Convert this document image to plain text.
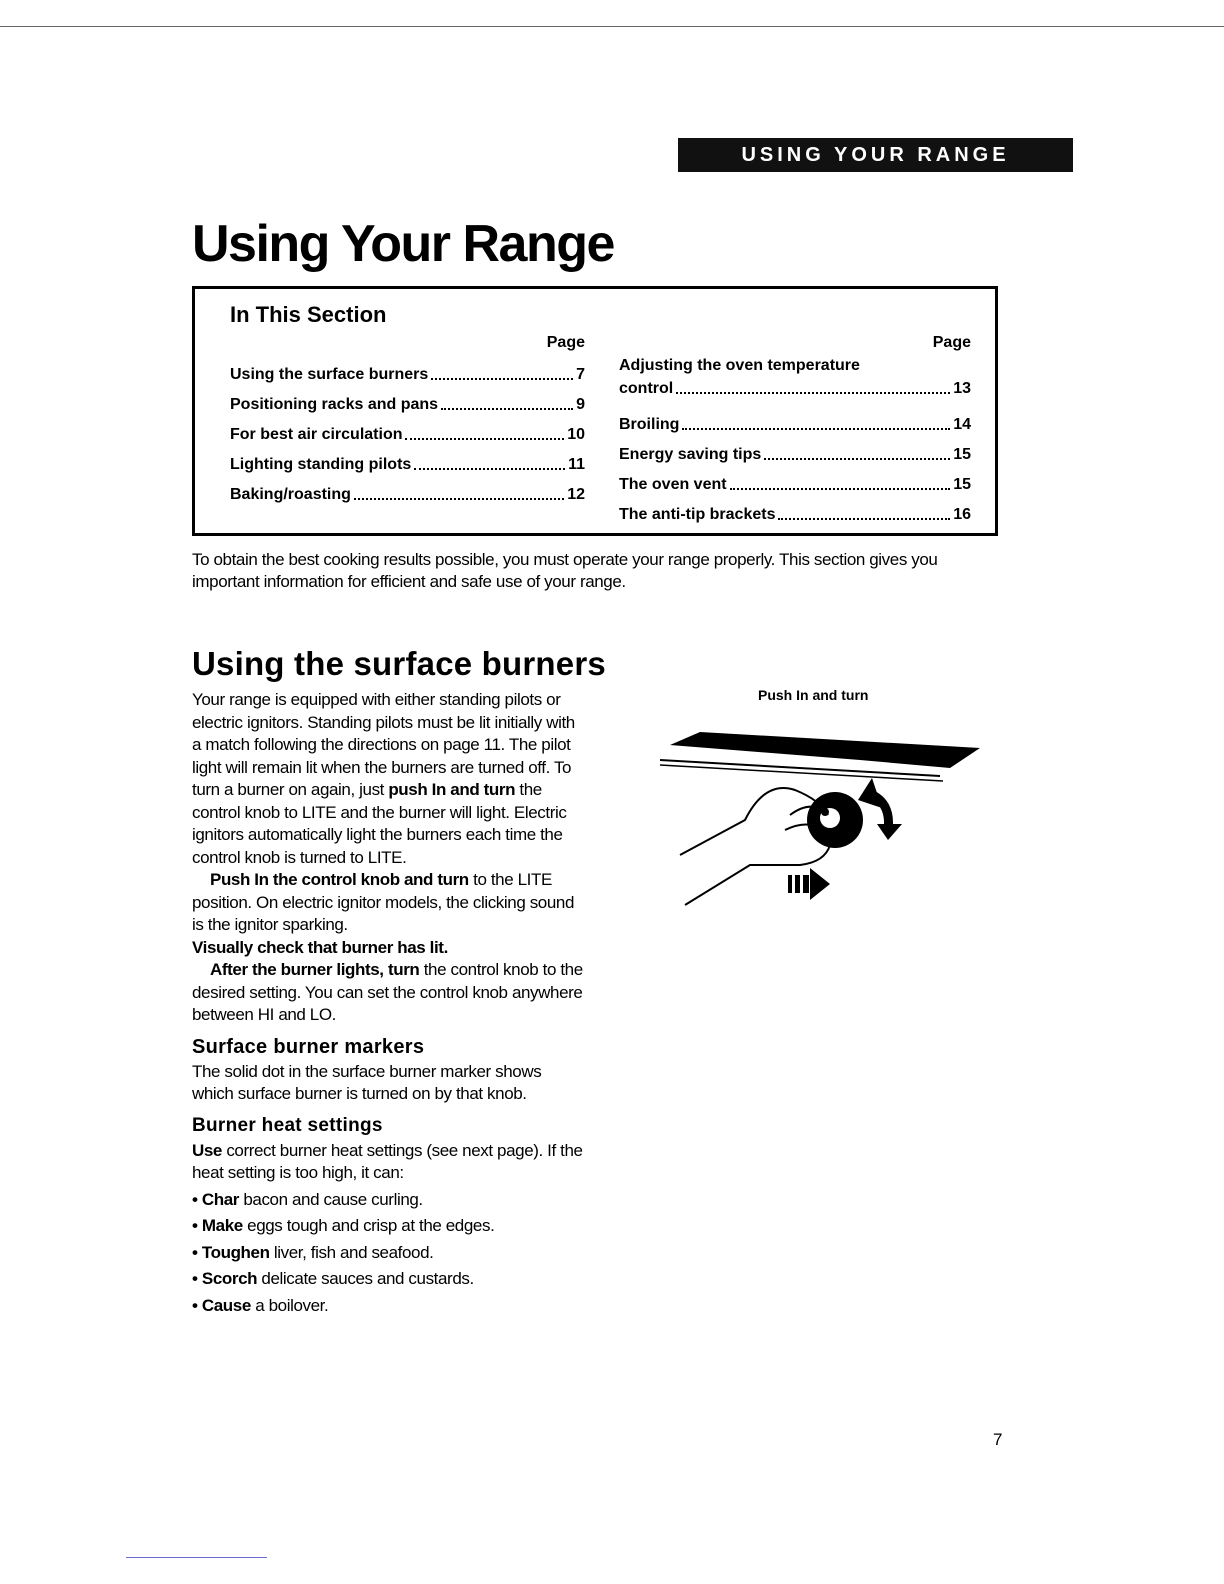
USING YOUR RANGE
Using Your Range
In This Section
Page
Using the surface burners	7
Positioning racks and pans	9
For best air circulation	10
Lighting standing pilots	11
Baking/roasting	12
Page
Adjusting the oven temperature
control	13
Broiling	14
Energy saving tips	15
The oven vent	15
The anti-tip brackets	16

To obtain the best cooking results possible, you must operate your range properly. This section gives you important information for efficient and safe use of your range.

Using the surface burners

Your range is equipped with either standing pilots or electric ignitors. Standing pilots must be lit initially with a match following the directions on page 11. The pilot light will remain lit when the burners are turned off. To turn a burner on again, just push In and turn the control knob to LITE and the burner will light. Electric ignitors automatically light the burners each time the control knob is turned to LITE.

Push In the control knob and turn to the LITE position. On electric ignitor models, the clicking sound is the ignitor sparking.

Visually check that burner has lit.

After the burner lights, turn the control knob to the desired setting. You can set the control knob anywhere between HI and LO.

Surface burner markers

The solid dot in the surface burner marker shows which surface burner is turned on by that knob.

Burner heat settings

Use correct burner heat settings (see next page). If the heat setting is too high, it can:

• Char bacon and cause curling.
• Make eggs tough and crisp at the edges.
• Toughen liver, fish and seafood.
• Scorch delicate sauces and custards.
• Cause a boilover.
Push In and turn
7
